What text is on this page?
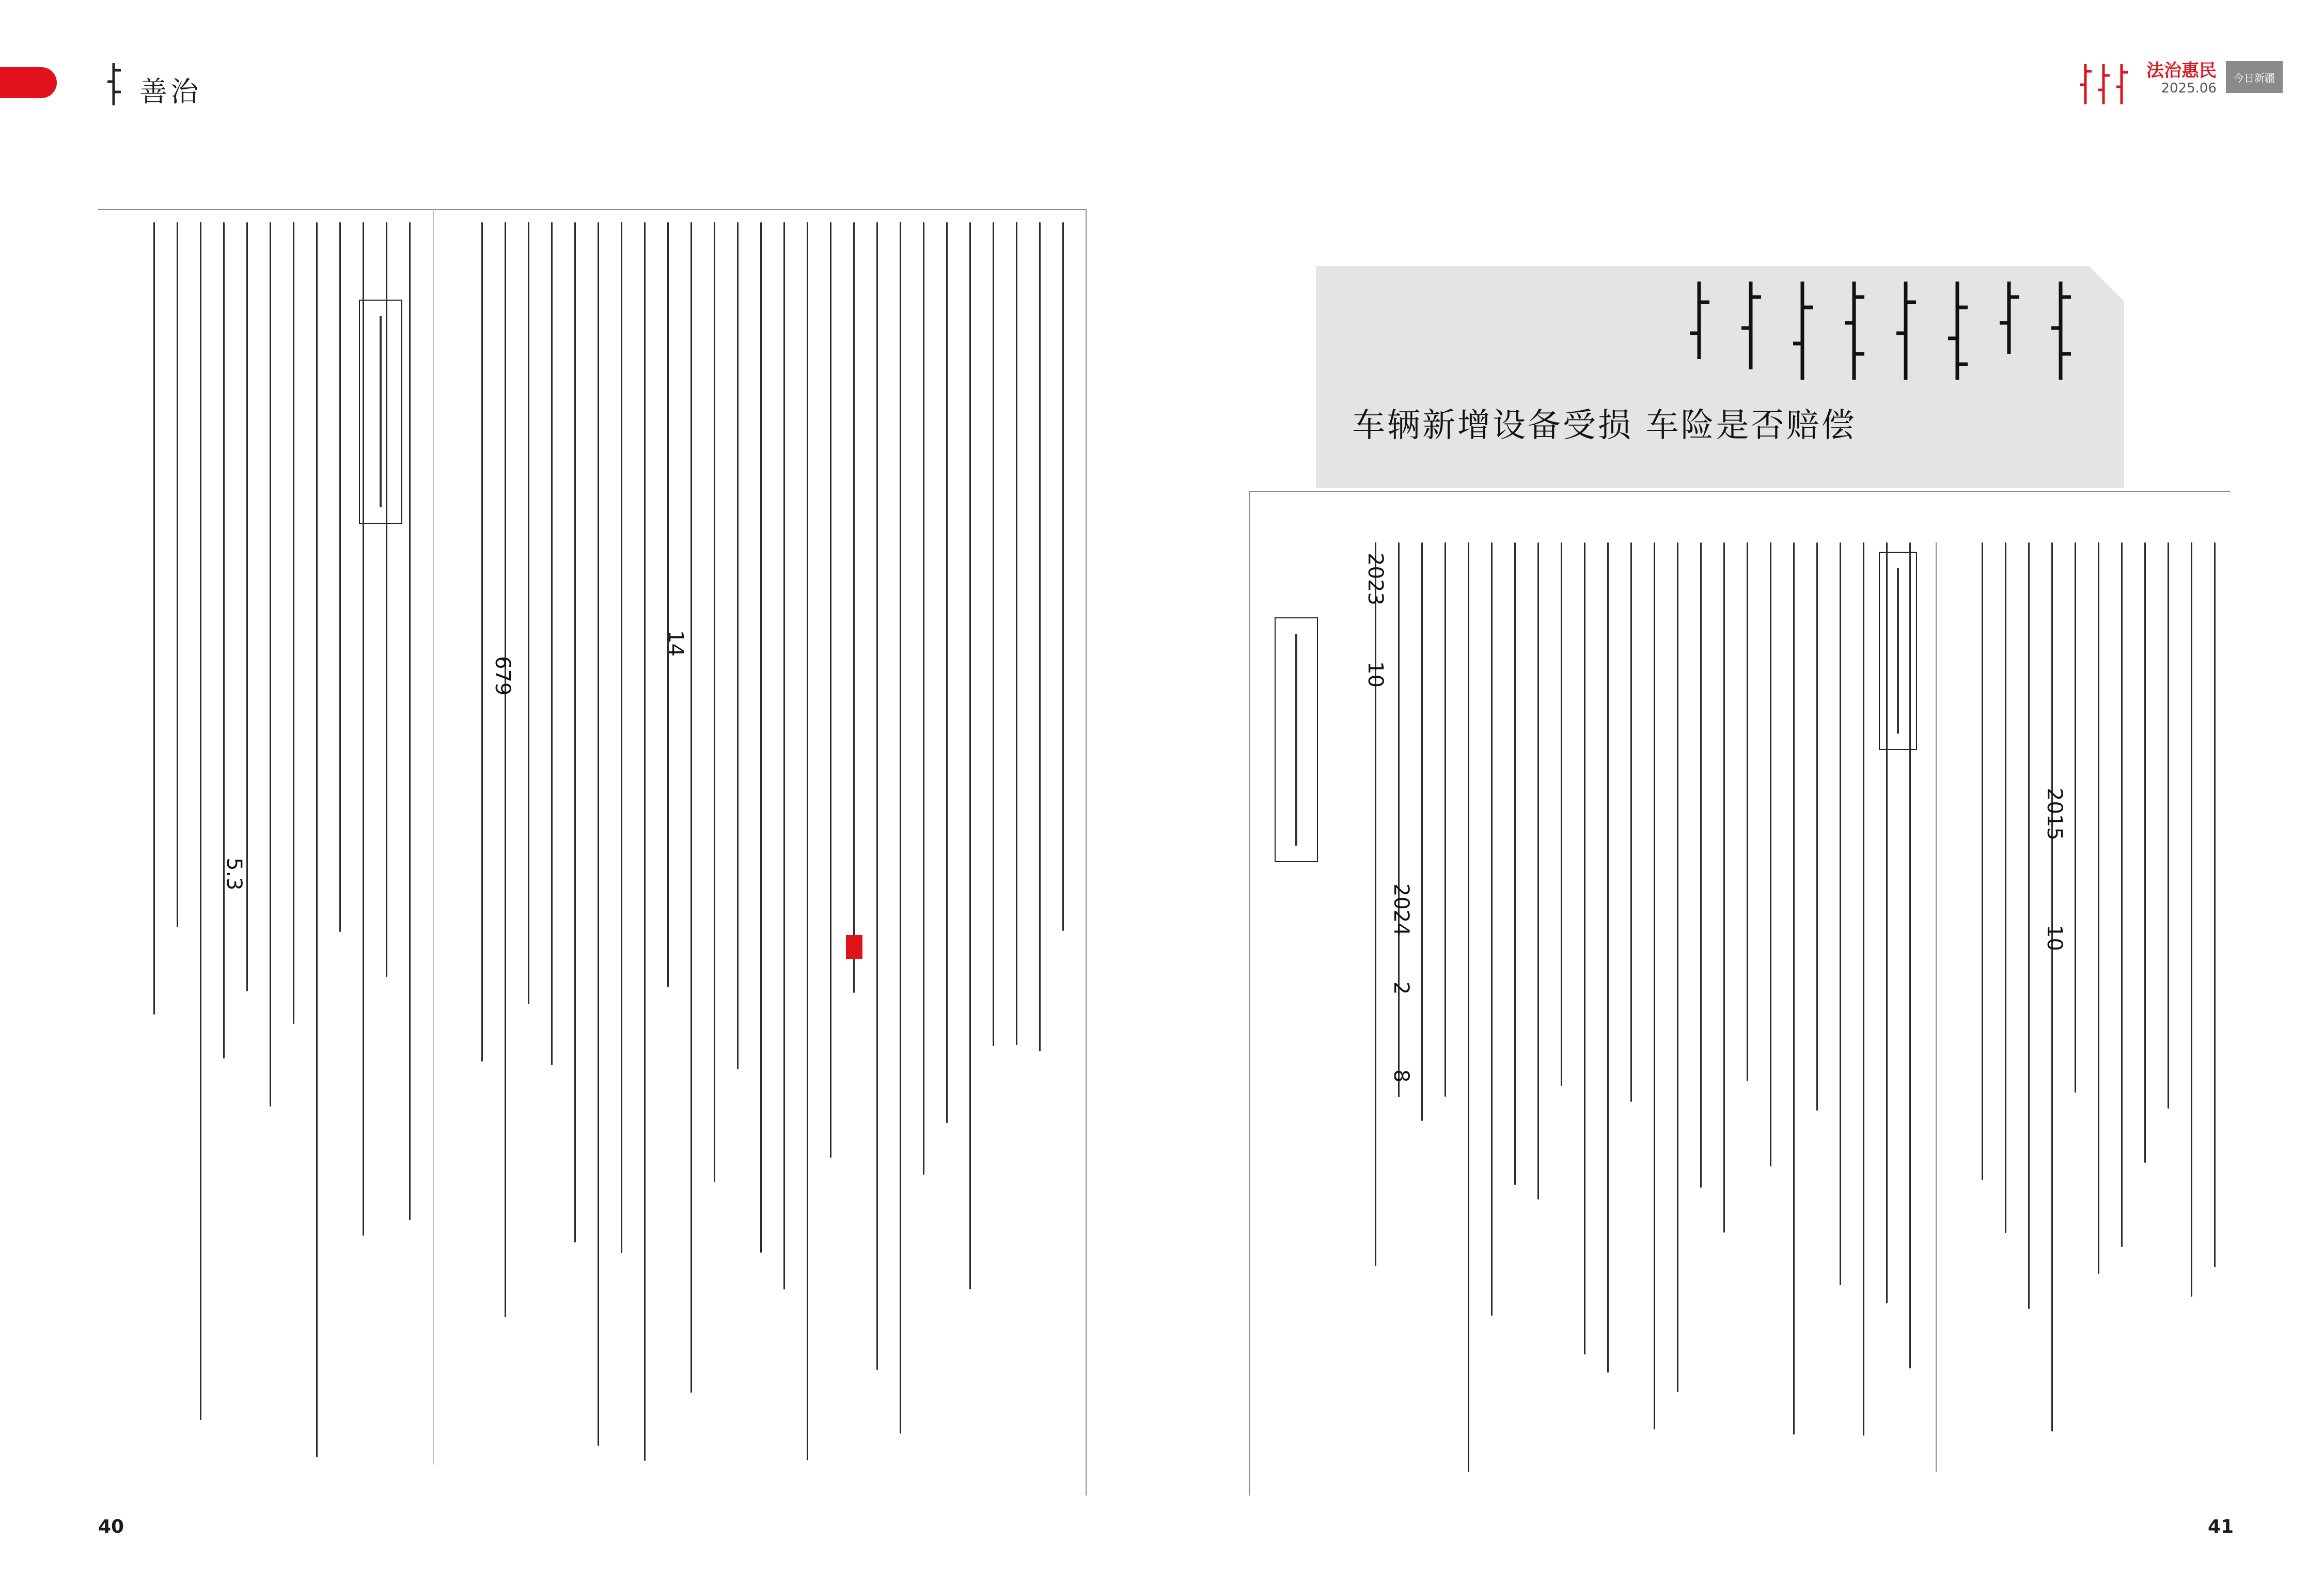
善治
法治惠民
2025.06
今日新疆
车辆新增设备受损 车险是否赔偿
2015
10
2
2024
8
2023
10
14
679
5.3
40	41
